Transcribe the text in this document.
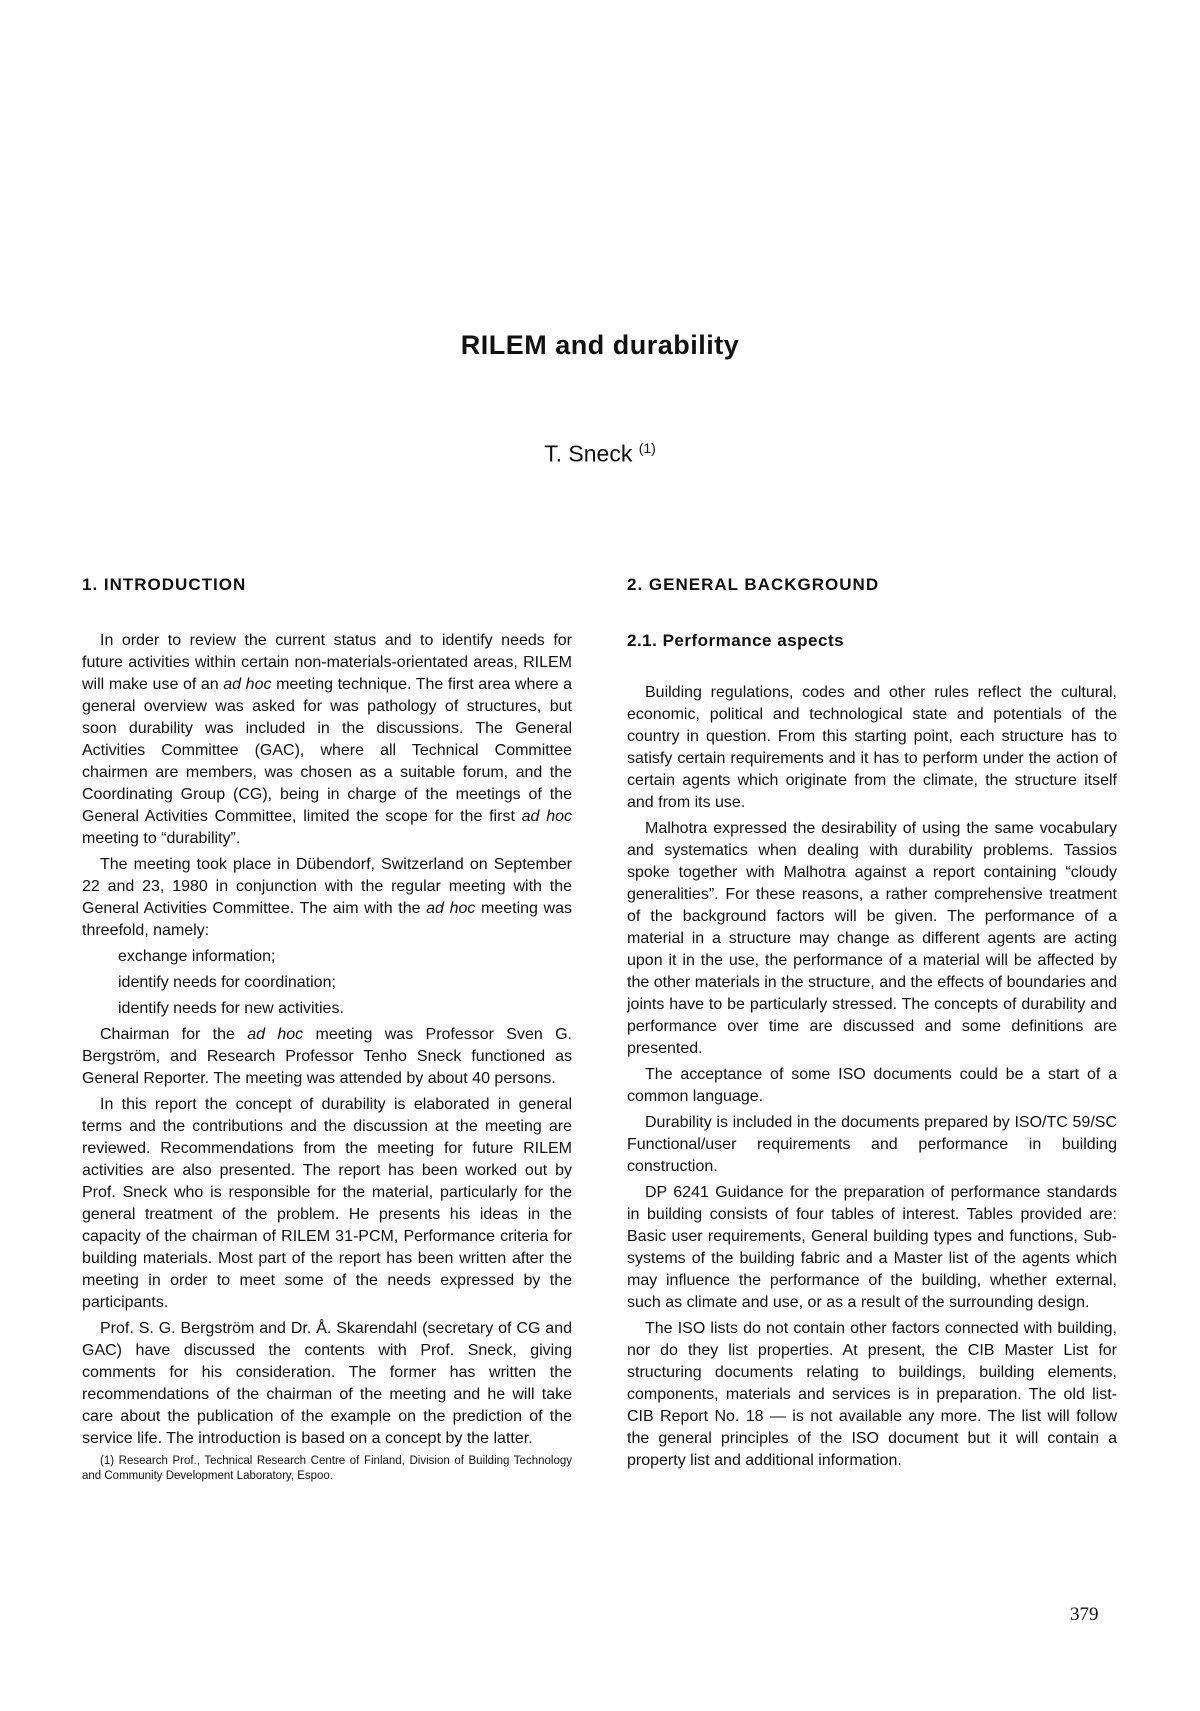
RILEM and durability
T. Sneck $^{(1)}$
1. INTRODUCTION

In order to review the current status and to identify needs for future activities within certain non-materials-orientated areas, RILEM will make use of an ad hoc meeting technique. The first area where a general overview was asked for was pathology of structures, but soon durability was included in the discussions. The General Activities Committee (GAC), where all Technical Committee chairmen are members, was chosen as a suitable forum, and the Coordinating Group (CG), being in charge of the meetings of the General Activities Committee, limited the scope for the first ad hoc meeting to “durability”.

The meeting took place in Dübendorf, Switzerland on September 22 and 23, 1980 in conjunction with the regular meeting with the General Activities Committee. The aim with the ad hoc meeting was threefold, namely:

exchange information;

identify needs for coordination;

identify needs for new activities.

Chairman for the ad hoc meeting was Professor Sven G. Bergström, and Research Professor Tenho Sneck functioned as General Reporter. The meeting was attended by about 40 persons.

In this report the concept of durability is elaborated in general terms and the contributions and the discussion at the meeting are reviewed. Recommendations from the meeting for future RILEM activities are also presented. The report has been worked out by Prof. Sneck who is responsible for the material, particularly for the general treatment of the problem. He presents his ideas in the capacity of the chairman of RILEM 31-PCM, Performance criteria for building materials. Most part of the report has been written after the meeting in order to meet some of the needs expressed by the participants.

Prof. S. G. Bergström and Dr. Å. Skarendahl (secretary of CG and GAC) have discussed the contents with Prof. Sneck, giving comments for his consideration. The former has written the recommendations of the chairman of the meeting and he will take care about the publication of the example on the prediction of the service life. The introduction is based on a concept by the latter.

(1) Research Prof., Technical Research Centre of Finland, Division of Building Technology and Community Development Laboratory, Espoo.

2. GENERAL BACKGROUND
2.1. Performance aspects

Building regulations, codes and other rules reflect the cultural, economic, political and technological state and potentials of the country in question. From this starting point, each structure has to satisfy certain requirements and it has to perform under the action of certain agents which originate from the climate, the structure itself and from its use.

Malhotra expressed the desirability of using the same vocabulary and systematics when dealing with durability problems. Tassios spoke together with Malhotra against a report containing “cloudy generalities”. For these reasons, a rather comprehensive treatment of the background factors will be given. The performance of a material in a structure may change as different agents are acting upon it in the use, the performance of a material will be affected by the other materials in the structure, and the effects of boundaries and joints have to be particularly stressed. The concepts of durability and performance over time are discussed and some definitions are presented.

The acceptance of some ISO documents could be a start of a common language.

Durability is included in the documents prepared by ISO/TC 59/SC Functional/user requirements and performance in building construction.

DP 6241 Guidance for the preparation of performance standards in building consists of four tables of interest. Tables provided are: Basic user requirements, General building types and functions, Sub-systems of the building fabric and a Master list of the agents which may influence the performance of the building, whether external, such as climate and use, or as a result of the surrounding design.

The ISO lists do not contain other factors connected with building, nor do they list properties. At present, the CIB Master List for structuring documents relating to buildings, building elements, components, materials and services is in preparation. The old list-CIB Report No. 18 — is not available any more. The list will follow the general principles of the ISO document but it will contain a property list and additional information.

379
